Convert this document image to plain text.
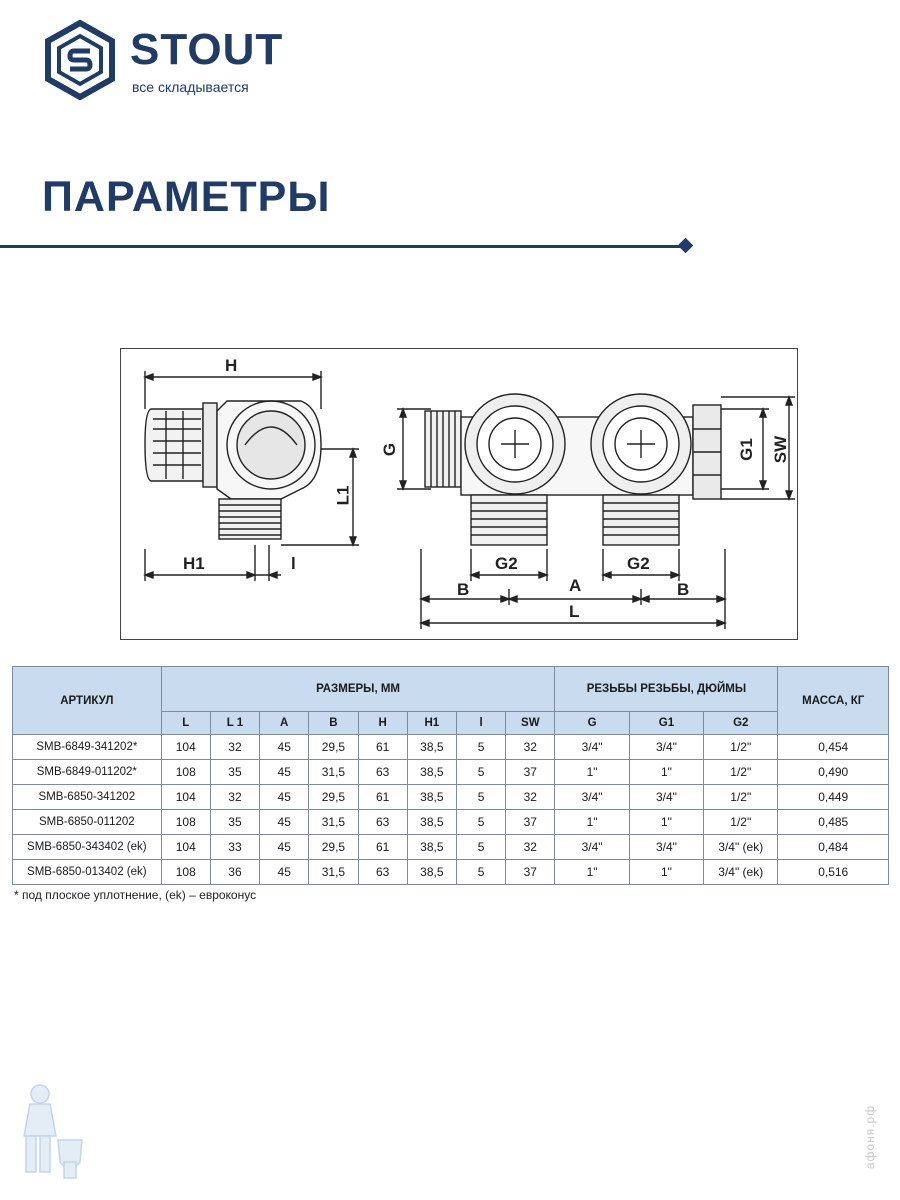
STOUT
все складывается
ПАРАМЕТРЫ
H
L1
H1	l
G	G1 SW
G2	G2
B	A	B
L
АРТИКУЛ	РАЗМЕРЫ, ММ								РЕЗЬБЫ РЕЗЬБЫ, ДЮЙМЫ			МАССА, КГ
	L	L 1	A	B	H	H1	l	SW	G	G1	G2	
SMB-6849-341202*	104	32	45	29,5	61	38,5	5	32	3/4"	3/4"	1/2"	0,454
SMB-6849-011202*	108	35	45	31,5	63	38,5	5	37	1"	1"	1/2"	0,490
SMB-6850-341202	104	32	45	29,5	61	38,5	5	32	3/4"	3/4"	1/2"	0,449
SMB-6850-011202	108	35	45	31,5	63	38,5	5	37	1"	1"	1/2"	0,485
SMB-6850-343402 (ek)	104	33	45	29,5	61	38,5	5	32	3/4"	3/4"	3/4" (ek)	0,484
SMB-6850-013402 (ek)	108	36	45	31,5	63	38,5	5	37	1"	1"	3/4" (ek)	0,516
* под плоское уплотнение, (ek) – евроконус
афоня.рф
